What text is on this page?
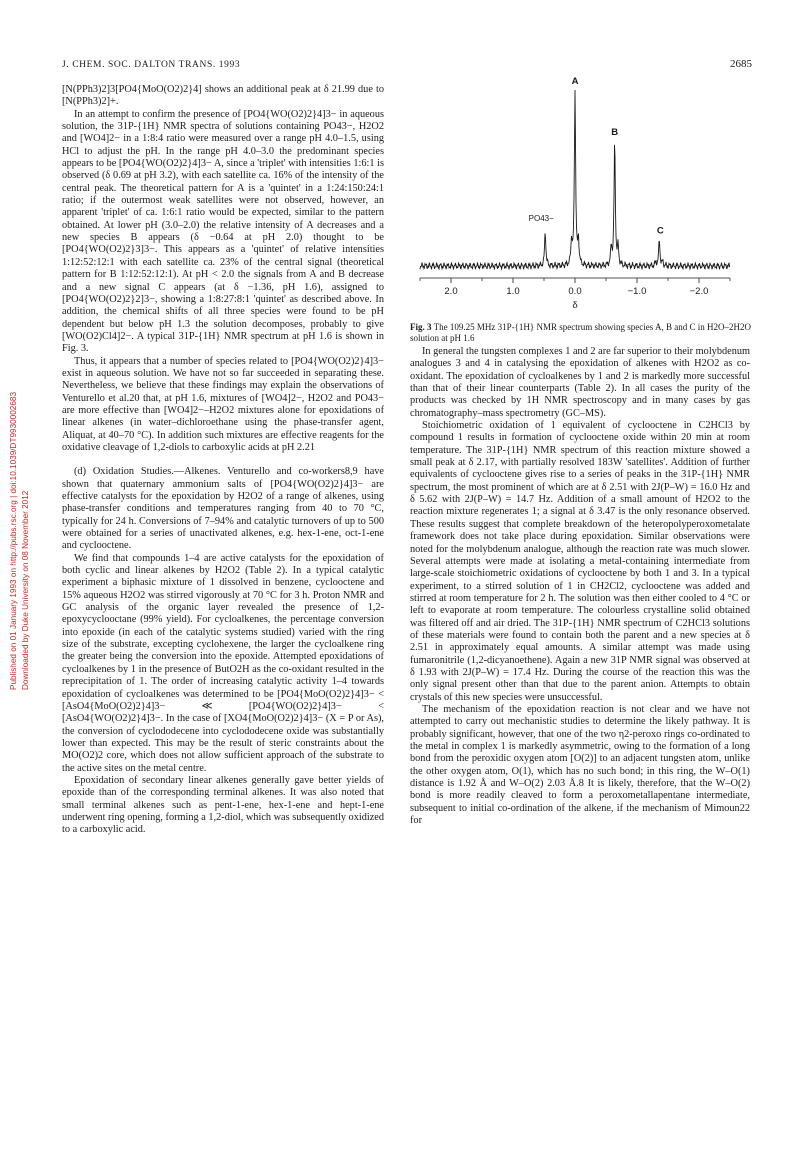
J. CHEM. SOC. DALTON TRANS. 1993	2685
Published on 01 January 1993 on http://pubs.rsc.org | doi:10.1039/DT9930002683 Downloaded by Duke University on 08 November 2012

[N(PPh3)2]3[PO4{MoO(O2)2}4] shows an additional peak at δ 21.99 due to [N(PPh3)2]+.

In an attempt to confirm the presence of [PO4{WO(O2)2}4]3− in aqueous solution, the 31P-{1H} NMR spectra of solutions containing PO43−, H2O2 and [WO4]2− in a 1:8:4 ratio were measured over a range pH 4.0–1.5, using HCl to adjust the pH. In the range pH 4.0–3.0 the predominant species appears to be [PO4{WO(O2)2}4]3− A, since a 'triplet' with intensities 1:6:1 is observed (δ 0.69 at pH 3.2), with each satellite ca. 16% of the intensity of the central peak. The theoretical pattern for A is a 'quintet' in a 1:24:150:24:1 ratio; if the outermost weak satellites were not observed, however, an apparent 'triplet' of ca. 1:6:1 ratio would be expected, similar to the pattern obtained. At lower pH (3.0–2.0) the relative intensity of A decreases and a new species B appears (δ −0.64 at pH 2.0) thought to be [PO4{WO(O2)2}3]3−. This appears as a 'quintet' of relative intensities 1:12:52:12:1 with each satellite ca. 23% of the central signal (theoretical pattern for B 1:12:52:12:1). At pH < 2.0 the signals from A and B decrease and a new signal C appears (at δ −1.36, pH 1.6), assigned to [PO4{WO(O2)2}2]3−, showing a 1:8:27:8:1 'quintet' as described above. In addition, the chemical shifts of all three species were found to be pH dependent but below pH 1.3 the solution decomposes, probably to give [WO(O2)Cl4]2−. A typical 31P-{1H} NMR spectrum at pH 1.6 is shown in Fig. 3.

Thus, it appears that a number of species related to [PO4{WO(O2)2}4]3− exist in aqueous solution. We have not so far succeeded in separating these. Nevertheless, we believe that these findings may explain the observations of Venturello et al.20 that, at pH 1.6, mixtures of [WO4]2−, H2O2 and PO43− are more effective than [WO4]2−–H2O2 mixtures alone for epoxidations of linear alkenes (in water–dichloroethane using the phase-transfer agent, Aliquat, at 40–70 °C). In addition such mixtures are effective reagents for the oxidative cleavage of 1,2-diols to carboxylic acids at pH 2.21

(d) Oxidation Studies.—Alkenes. Venturello and co-workers8,9 have shown that quaternary ammonium salts of [PO4{WO(O2)2}4]3− are effective catalysts for the epoxidation by H2O2 of a range of alkenes, using phase-transfer conditions and temperatures ranging from 40 to 70 °C, typically for 24 h. Conversions of 7–94% and catalytic turnovers of up to 500 were obtained for a series of unactivated alkenes, e.g. hex-1-ene, oct-1-ene and cyclooctene.

We find that compounds 1–4 are active catalysts for the epoxidation of both cyclic and linear alkenes by H2O2 (Table 2). In a typical catalytic experiment a biphasic mixture of 1 dissolved in benzene, cyclooctene and 15% aqueous H2O2 was stirred vigorously at 70 °C for 3 h. Proton NMR and GC analysis of the organic layer revealed the presence of 1,2-epoxycyclooctane (99% yield). For cycloalkenes, the percentage conversion into epoxide (in each of the catalytic systems studied) varied with the ring size of the substrate, excepting cyclohexene, the larger the cycloalkene ring the greater being the conversion into the epoxide. Attempted epoxidations of cycloalkenes by 1 in the presence of ButO2H as the co-oxidant resulted in the reprecipitation of 1. The order of increasing catalytic activity 1–4 towards epoxidation of cycloalkenes was determined to be [PO4{MoO(O2)2}4]3− < [AsO4{MoO(O2)2}4]3− ≪ [PO4{WO(O2)2}4]3− < [AsO4{WO(O2)2}4]3−. In the case of [XO4{MoO(O2)2}4]3− (X = P or As), the conversion of cyclododecene into cyclododecene oxide was substantially lower than expected. This may be the result of steric constraints about the MO(O2)2 core, which does not allow sufficient approach of the substrate to the active sites on the metal centre.

Epoxidation of secondary linear alkenes generally gave better yields of epoxide than of the corresponding terminal alkenes. It was also noted that small terminal alkenes such as pent-1-ene, hex-1-ene and hept-1-ene underwent ring opening, forming a 1,2-diol, which was subsequently oxidized to a carboxylic acid.

2.0	1.0	0.0	−1.0	−2.0
δ
PO43−
A
B
C
Fig. 3 The 109.25 MHz 31P-{1H} NMR spectrum showing species A, B and C in H2O–2H2O solution at pH 1.6

In general the tungsten complexes 1 and 2 are far superior to their molybdenum analogues 3 and 4 in catalysing the epoxidation of alkenes with H2O2 as co-oxidant. The epoxidation of cycloalkenes by 1 and 2 is markedly more successful than that of their linear counterparts (Table 2). In all cases the purity of the products was checked by 1H NMR spectroscopy and in many cases by gas chromatography–mass spectrometry (GC–MS).

Stoichiometric oxidation of 1 equivalent of cyclooctene in C2HCl3 by compound 1 results in formation of cyclooctene oxide within 20 min at room temperature. The 31P-{1H} NMR spectrum of this reaction mixture showed a small peak at δ 2.17, with partially resolved 183W 'satellites'. Addition of further equivalents of cyclooctene gives rise to a series of peaks in the 31P-{1H} NMR spectrum, the most prominent of which are at δ 2.51 with 2J(P–W) = 16.0 Hz and δ 5.62 with 2J(P–W) = 14.7 Hz. Addition of a small amount of H2O2 to the reaction mixture regenerates 1; a signal at δ 3.47 is the only resonance observed. These results suggest that complete breakdown of the heteropolyperoxometalate framework does not take place during epoxidation. Similar observations were noted for the molybdenum analogue, although the reaction rate was much slower. Several attempts were made at isolating a metal-containing intermediate from large-scale stoichiometric oxidations of cyclooctene by both 1 and 3. In a typical experiment, to a stirred solution of 1 in CH2Cl2, cyclooctene was added and stirred at room temperature for 2 h. The solution was then either cooled to 4 °C or left to evaporate at room temperature. The colourless crystalline solid obtained was filtered off and air dried. The 31P-{1H} NMR spectrum of C2HCl3 solutions of these materials were found to contain both the parent and a new species at δ 2.51 in approximately equal amounts. A similar attempt was made using fumaronitrile (1,2-dicyanoethene). Again a new 31P NMR signal was observed at δ 1.93 with 2J(P–W) = 17.4 Hz. During the course of the reaction this was the only signal present other than that due to the parent anion. Attempts to obtain crystals of this new species were unsuccessful.

The mechanism of the epoxidation reaction is not clear and we have not attempted to carry out mechanistic studies to determine the likely pathway. It is probably significant, however, that one of the two η2-peroxo rings co-ordinated to the metal in complex 1 is markedly asymmetric, owing to the formation of a long bond from the peroxidic oxygen atom [O(2)] to an adjacent tungsten atom, unlike the other oxygen atom, O(1), which has no such bond; in this ring, the W–O(1) distance is 1.92 Å and W–O(2) 2.03 Å.8 It is likely, therefore, that the W–O(2) bond is more readily cleaved to form a peroxometallapentane intermediate, subsequent to initial co-ordination of the alkene, if the mechanism of Mimoun22 for
